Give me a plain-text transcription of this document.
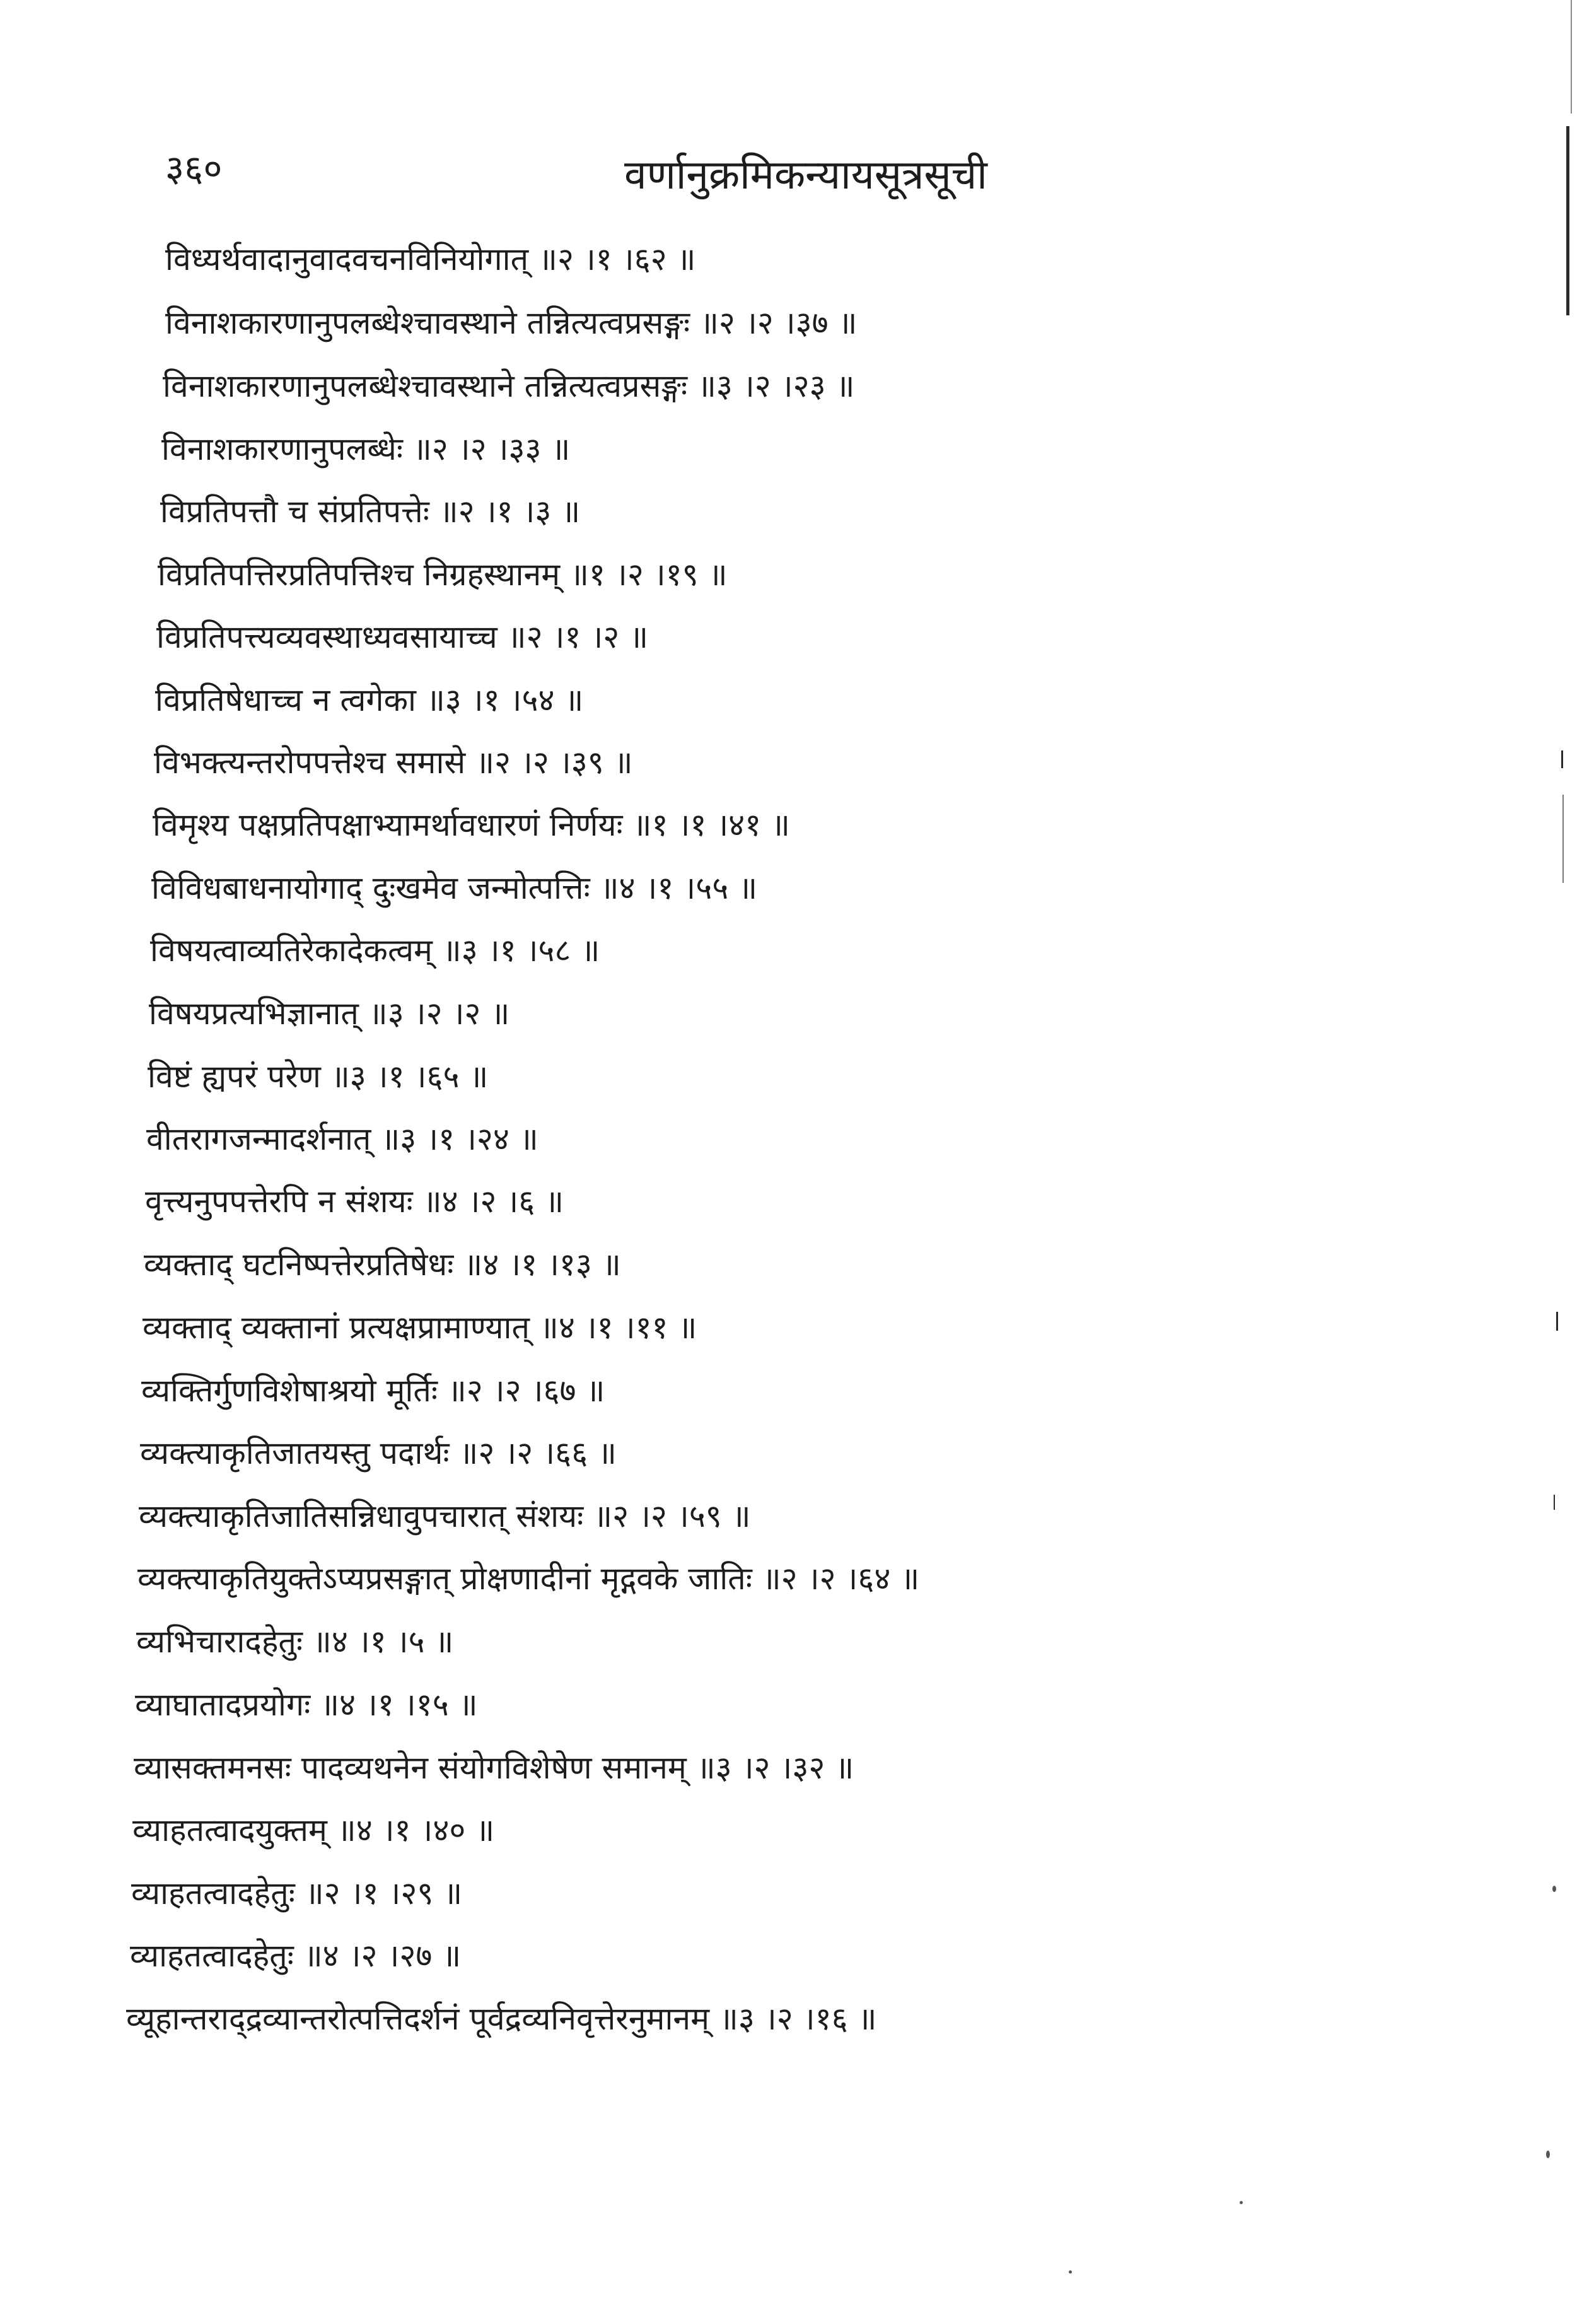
३६०	वर्णानुक्रमिकन्यायसूत्रसूची
विध्यर्थवादानुवादवचनविनियोगात् ॥२ ।१ ।६२ ॥
विनाशकारणानुपलब्धेश्चावस्थाने तन्नित्यत्वप्रसङ्गः ॥२ ।२ ।३७ ॥
विनाशकारणानुपलब्धेश्चावस्थाने तन्नित्यत्वप्रसङ्गः ॥३ ।२ ।२३ ॥
विनाशकारणानुपलब्धेः ॥२ ।२ ।३३ ॥
विप्रतिपत्तौ च संप्रतिपत्तेः ॥२ ।१ ।३ ॥
विप्रतिपत्तिरप्रतिपत्तिश्च निग्रहस्थानम् ॥१ ।२ ।१९ ॥
विप्रतिपत्त्यव्यवस्थाध्यवसायाच्च ॥२ ।१ ।२ ॥
विप्रतिषेधाच्च न त्वगेका ॥३ ।१ ।५४ ॥
विभक्त्यन्तरोपपत्तेश्च समासे ॥२ ।२ ।३९ ॥
विमृश्य पक्षप्रतिपक्षाभ्यामर्थावधारणं निर्णयः ॥१ ।१ ।४१ ॥
विविधबाधनायोगाद् दुःखमेव जन्मोत्पत्तिः ॥४ ।१ ।५५ ॥
विषयत्वाव्यतिरेकादेकत्वम् ॥३ ।१ ।५८ ॥
विषयप्रत्यभिज्ञानात् ॥३ ।२ ।२ ॥
विष्टं ह्यपरं परेण ॥३ ।१ ।६५ ॥
वीतरागजन्मादर्शनात् ॥३ ।१ ।२४ ॥
वृत्त्यनुपपत्तेरपि न संशयः ॥४ ।२ ।६ ॥
व्यक्ताद् घटनिष्पत्तेरप्रतिषेधः ॥४ ।१ ।१३ ॥
व्यक्ताद् व्यक्तानां प्रत्यक्षप्रामाण्यात् ॥४ ।१ ।११ ॥
व्यक्तिर्गुणविशेषाश्रयो मूर्तिः ॥२ ।२ ।६७ ॥
व्यक्त्याकृतिजातयस्तु पदार्थः ॥२ ।२ ।६६ ॥
व्यक्त्याकृतिजातिसन्निधावुपचारात् संशयः ॥२ ।२ ।५९ ॥
व्यक्त्याकृतियुक्तेऽप्यप्रसङ्गात् प्रोक्षणादीनां मृद्गवके जातिः ॥२ ।२ ।६४ ॥
व्यभिचारादहेतुः ॥४ ।१ ।५ ॥
व्याघातादप्रयोगः ॥४ ।१ ।१५ ॥
व्यासक्तमनसः पादव्यथनेन संयोगविशेषेण समानम् ॥३ ।२ ।३२ ॥
व्याहतत्वादयुक्तम् ॥४ ।१ ।४० ॥
व्याहतत्वादहेतुः ॥२ ।१ ।२९ ॥
व्याहतत्वादहेतुः ॥४ ।२ ।२७ ॥
व्यूहान्तराद्द्रव्यान्तरोत्पत्तिदर्शनं पूर्वद्रव्यनिवृत्तेरनुमानम् ॥३ ।२ ।१६ ॥
